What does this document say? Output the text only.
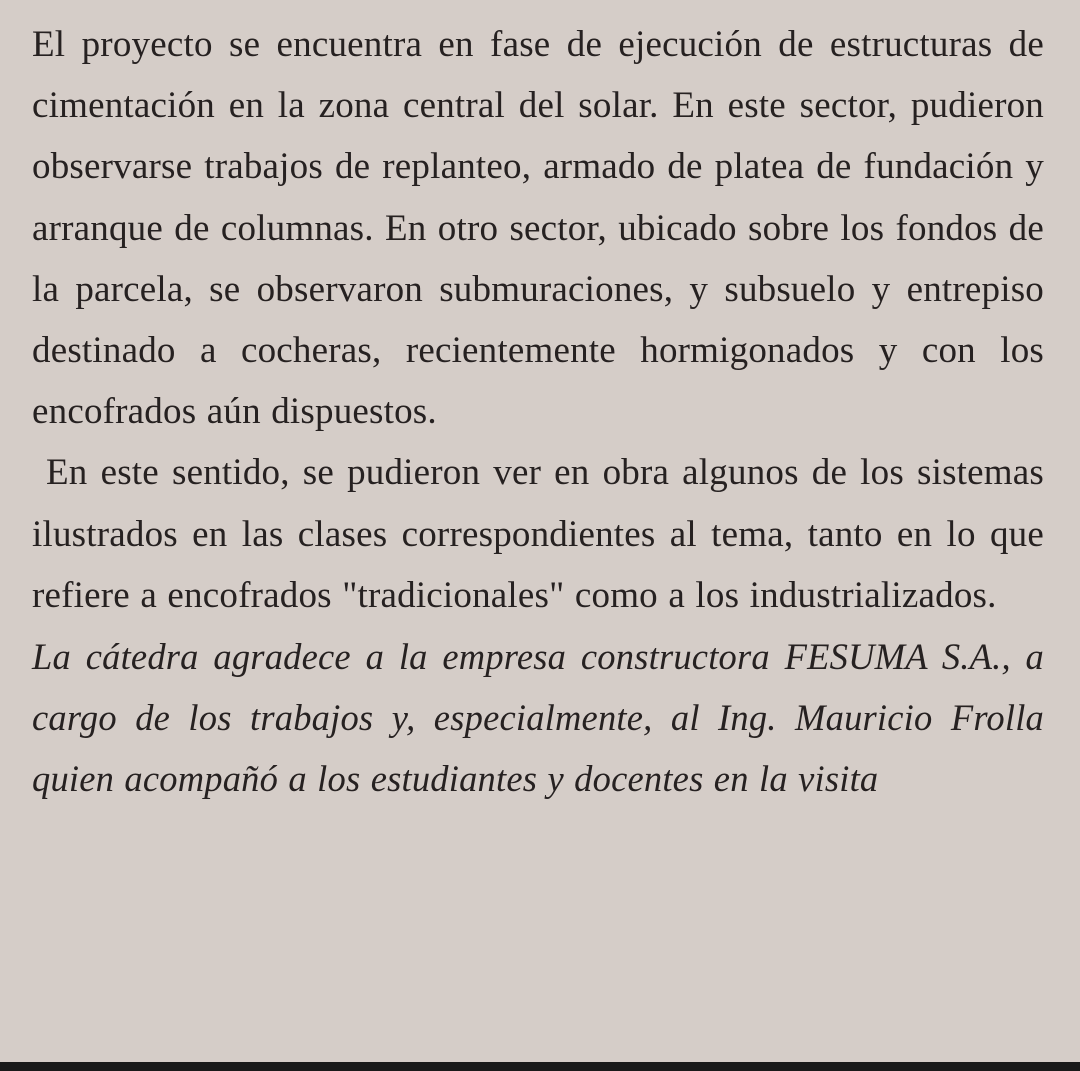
El proyecto se encuentra en fase de ejecución de estructuras de cimentación en la zona central del solar. En este sector, pudieron observarse trabajos de replanteo, armado de platea de fundación y arranque de columnas. En otro sector, ubicado sobre los fondos de la parcela, se observaron submuraciones, y subsuelo y entrepiso destinado a cocheras, recientemente hormigonados y con los encofrados aún dispuestos.

En este sentido, se pudieron ver en obra algunos de los sistemas ilustrados en las clases correspondientes al tema, tanto en lo que refiere a encofrados "tradicionales" como a los industrializados.

La cátedra agradece a la empresa constructora FESUMA S.A., a cargo de los trabajos y, especialmente, al Ing. Mauricio Frolla quien acompañó a los estudiantes y docentes en la visita
